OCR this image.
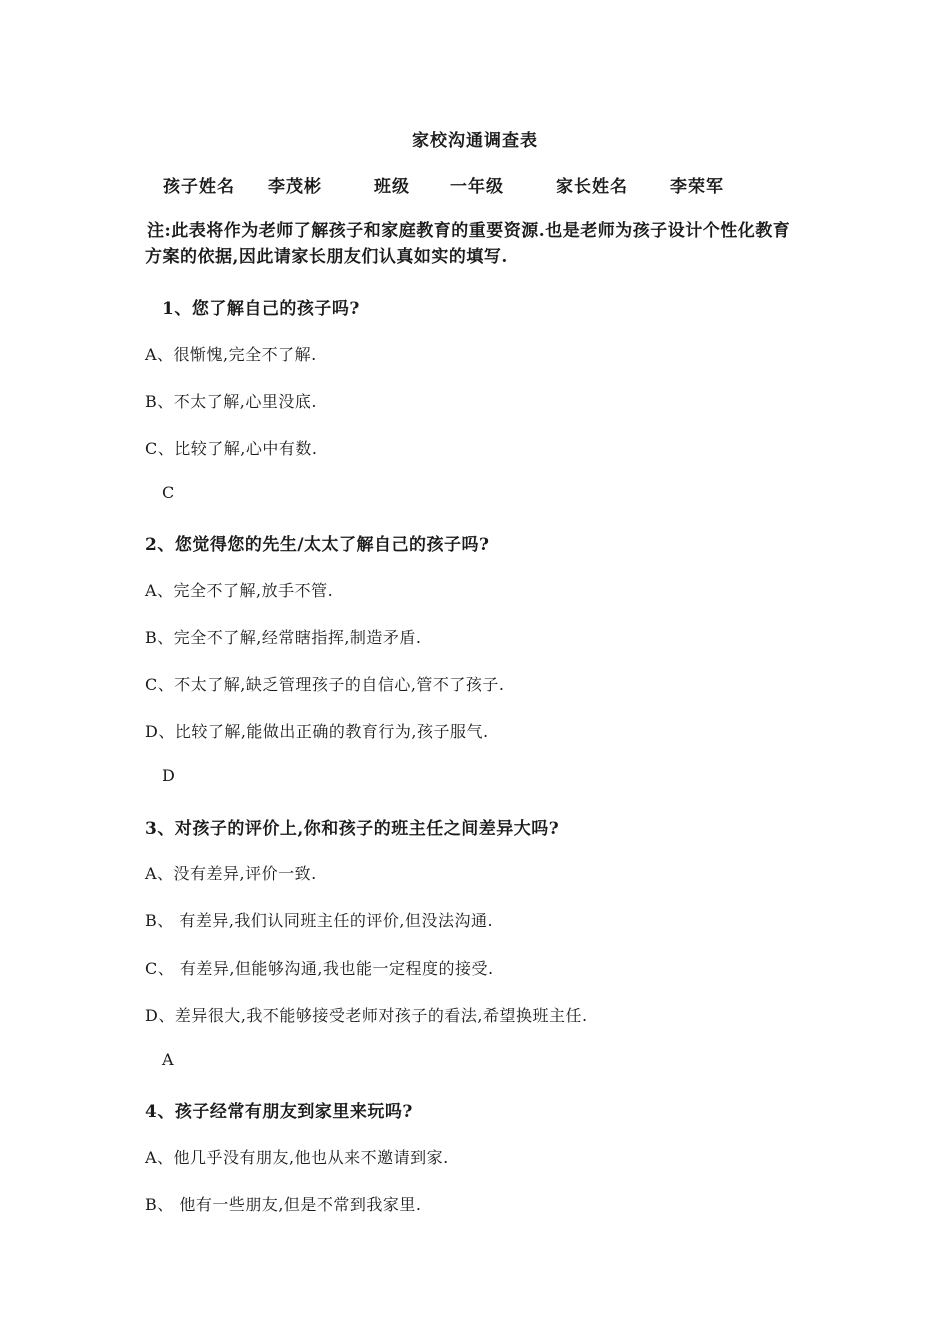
家校沟通调查表
孩子姓名 李茂彬	班级 一年级	家长姓名 李荣军
注:此表将作为老师了解孩子和家庭教育的重要资源.也是老师为孩子设计个性化教育方案的依据,因此请家长朋友们认真如实的填写.
1、您了解自己的孩子吗?
A、很惭愧,完全不了解.
B、不太了解,心里没底.
C、比较了解,心中有数.
C
2、您觉得您的先生/太太了解自己的孩子吗?
A、完全不了解,放手不管.
B、完全不了解,经常瞎指挥,制造矛盾.
C、不太了解,缺乏管理孩子的自信心,管不了孩子.
D、比较了解,能做出正确的教育行为,孩子服气.
D
3、对孩子的评价上,你和孩子的班主任之间差异大吗?
A、没有差异,评价一致.
B、 有差异,我们认同班主任的评价,但没法沟通.
C、 有差异,但能够沟通,我也能一定程度的接受.
D、差异很大,我不能够接受老师对孩子的看法,希望换班主任.
A
4、孩子经常有朋友到家里来玩吗?
A、他几乎没有朋友,他也从来不邀请到家.
B、 他有一些朋友,但是不常到我家里.
